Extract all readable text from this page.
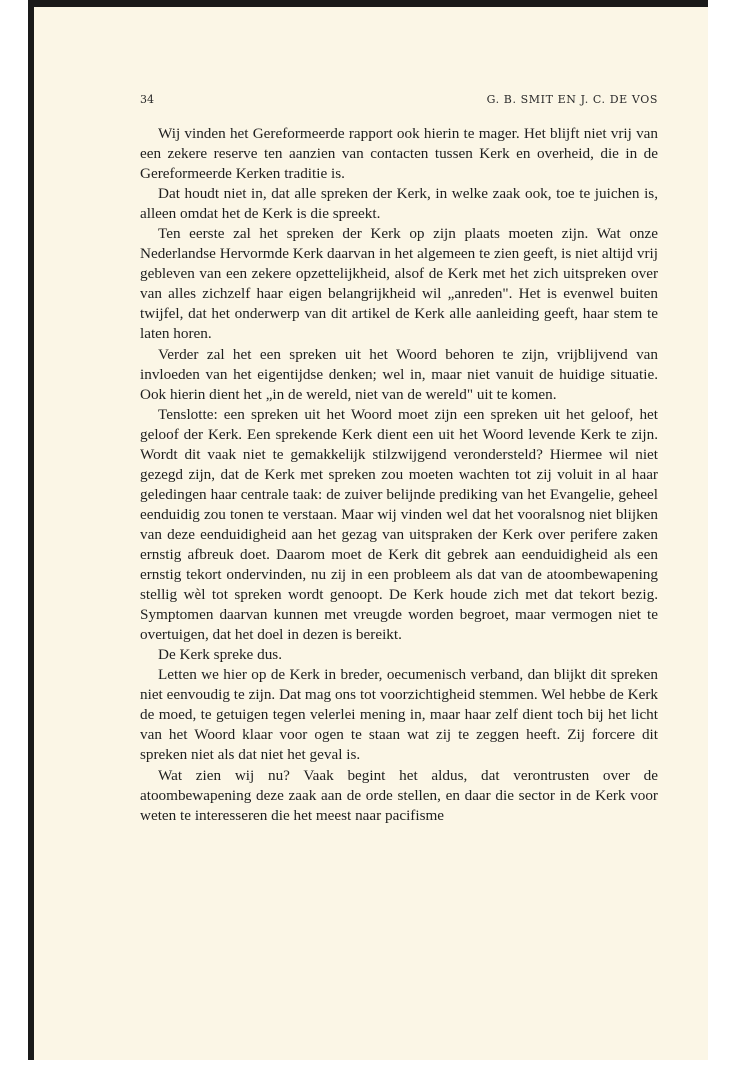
34	G. B. SMIT EN J. C. DE VOS

Wij vinden het Gereformeerde rapport ook hierin te mager. Het blijft niet vrij van een zekere reserve ten aanzien van contacten tussen Kerk en overheid, die in de Gereformeerde Kerken traditie is.

Dat houdt niet in, dat alle spreken der Kerk, in welke zaak ook, toe te juichen is, alleen omdat het de Kerk is die spreekt.

Ten eerste zal het spreken der Kerk op zijn plaats moeten zijn. Wat onze Nederlandse Hervormde Kerk daarvan in het algemeen te zien geeft, is niet altijd vrij gebleven van een zekere opzettelijkheid, alsof de Kerk met het zich uitspreken over van alles zichzelf haar eigen belangrijkheid wil „anreden". Het is evenwel buiten twijfel, dat het onderwerp van dit artikel de Kerk alle aanleiding geeft, haar stem te laten horen.

Verder zal het een spreken uit het Woord behoren te zijn, vrijblijvend van invloeden van het eigentijdse denken; wel in, maar niet vanuit de huidige situatie. Ook hierin dient het „in de wereld, niet van de wereld" uit te komen.

Tenslotte: een spreken uit het Woord moet zijn een spreken uit het geloof, het geloof der Kerk. Een sprekende Kerk dient een uit het Woord levende Kerk te zijn. Wordt dit vaak niet te gemakkelijk stilzwijgend verondersteld? Hiermee wil niet gezegd zijn, dat de Kerk met spreken zou moeten wachten tot zij voluit in al haar geledingen haar centrale taak: de zuiver belijnde prediking van het Evangelie, geheel eenduidig zou tonen te verstaan. Maar wij vinden wel dat het vooralsnog niet blijken van deze eenduidigheid aan het gezag van uitspraken der Kerk over perifere zaken ernstig afbreuk doet. Daarom moet de Kerk dit gebrek aan eenduidigheid als een ernstig tekort ondervinden, nu zij in een probleem als dat van de atoombewapening stellig wèl tot spreken wordt genoopt. De Kerk houde zich met dat tekort bezig. Symptomen daarvan kunnen met vreugde worden begroet, maar vermogen niet te overtuigen, dat het doel in dezen is bereikt.

De Kerk spreke dus.

Letten we hier op de Kerk in breder, oecumenisch verband, dan blijkt dit spreken niet eenvoudig te zijn. Dat mag ons tot voorzichtigheid stemmen. Wel hebbe de Kerk de moed, te getuigen tegen velerlei mening in, maar haar zelf dient toch bij het licht van het Woord klaar voor ogen te staan wat zij te zeggen heeft. Zij forcere dit spreken niet als dat niet het geval is.

Wat zien wij nu? Vaak begint het aldus, dat verontrusten over de atoombewapening deze zaak aan de orde stellen, en daar die sector in de Kerk voor weten te interesseren die het meest naar pacifisme
